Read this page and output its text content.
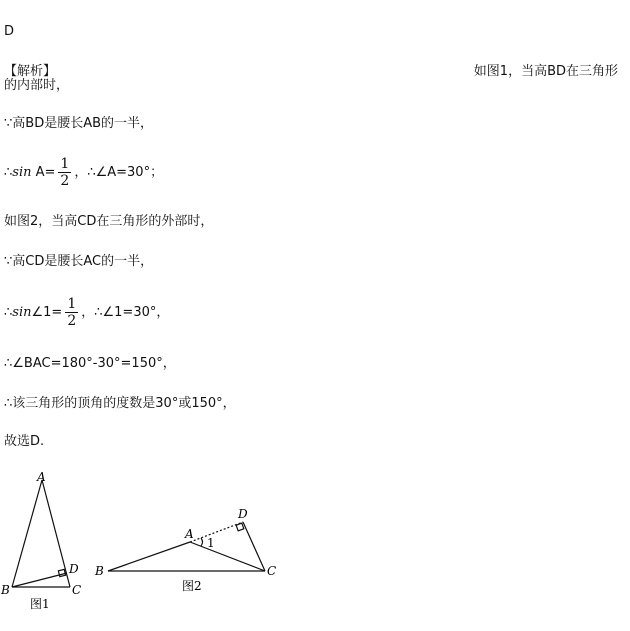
D
【解析】	如图1，当高BD在三角形
的内部时，
∵高BD是腰长AB的一半，
∴sin $A= \frac{1}{2}$ ，∴∠A=30°；
如图2，当高CD在三角形的外部时，
∵高CD是腰长AC的一半，
∴sin∠1= $\frac{1}{2}$ ，∴∠1=30°，
∴∠BAC=180°-30°=150°，
∴该三角形的顶角的度数是30°或150°，
故选D.
A
B	C
D
图1
A
B	C
D
1
图2
